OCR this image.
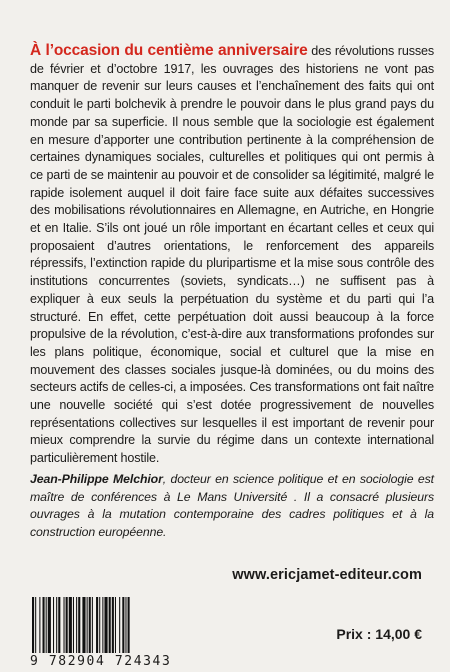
À l’occasion du centième anniversaire des révolutions russes de février et d’octobre 1917, les ouvrages des historiens ne vont pas manquer de revenir sur leurs causes et l’enchaînement des faits qui ont conduit le parti bolchevik à prendre le pouvoir dans le plus grand pays du monde par sa superficie. Il nous semble que la sociologie est également en mesure d’apporter une contribution pertinente à la compréhension de certaines dynamiques sociales, culturelles et politiques qui ont permis à ce parti de se maintenir au pouvoir et de consolider sa légitimité, malgré le rapide isolement auquel il doit faire face suite aux défaites successives des mobilisations révolutionnaires en Allemagne, en Autriche, en Hongrie et en Italie. S’ils ont joué un rôle important en écartant celles et ceux qui proposaient d’autres orientations, le renforcement des appareils répressifs, l’extinction rapide du pluripartisme et la mise sous contrôle des institutions concurrentes (soviets, syndicats…) ne suffisent pas à expliquer à eux seuls la perpétuation du système et du parti qui l’a structuré. En effet, cette perpétuation doit aussi beaucoup à la force propulsive de la révolution, c’est-à-dire aux transformations profondes sur les plans politique, économique, social et culturel que la mise en mouvement des classes sociales jusque-là dominées, ou du moins des secteurs actifs de celles-ci, a imposées. Ces transformations ont fait naître une nouvelle société qui s’est dotée progressivement de nouvelles représentations collectives sur lesquelles il est important de revenir pour mieux comprendre la survie du régime dans un contexte international particulièrement hostile.

Jean-Philippe Melchior, docteur en science politique et en sociologie est maître de conférences à Le Mans Université . Il a consacré plusieurs ouvrages à la mutation contemporaine des cadres politiques et à la construction européenne.

www.ericjamet-editeur.com
9 782904 724343
Prix : 14,00 €
